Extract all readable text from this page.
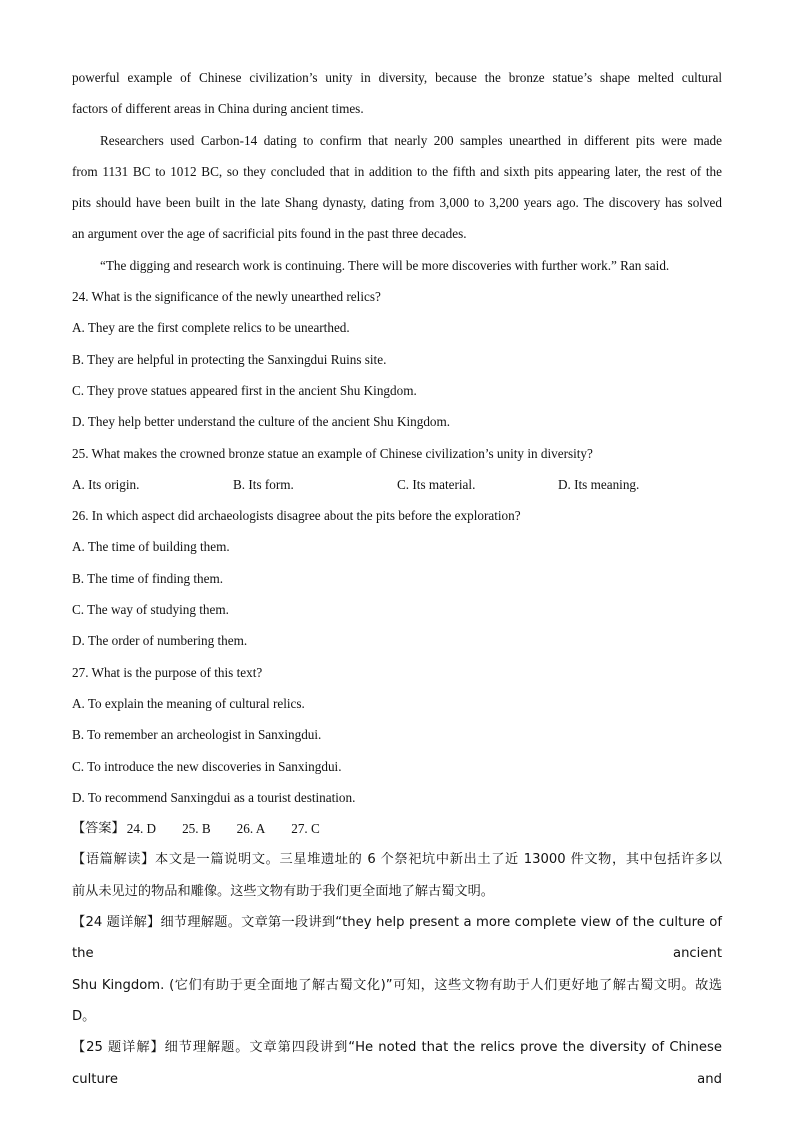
powerful example of Chinese civilization’s unity in diversity, because the bronze statue’s shape melted cultural

factors of different areas in China during ancient times.

Researchers used Carbon-14 dating to confirm that nearly 200 samples unearthed in different pits were made

from 1131 BC to 1012 BC, so they concluded that in addition to the fifth and sixth pits appearing later, the rest of the

pits should have been built in the late Shang dynasty, dating from 3,000 to 3,200 years ago. The discovery has solved

an argument over the age of sacrificial pits found in the past three decades.

“The digging and research work is continuing. There will be more discoveries with further work.” Ran said.

24. What is the significance of the newly unearthed relics?

A. They are the first complete relics to be unearthed.

B. They are helpful in protecting the Sanxingdui Ruins site.

C. They prove statues appeared first in the ancient Shu Kingdom.

D. They help better understand the culture of the ancient Shu Kingdom.

25. What makes the crowned bronze statue an example of Chinese civilization’s unity in diversity?

A. Its origin.	B. Its form.	C. Its material.	D. Its meaning.

26. In which aspect did archaeologists disagree about the pits before the exploration?

A. The time of building them.

B. The time of finding them.

C. The way of studying them.

D. The order of numbering them.

27. What is the purpose of this text?

A. To explain the meaning of cultural relics.

B. To remember an archeologist in Sanxingdui.

C. To introduce the new discoveries in Sanxingdui.

D. To recommend Sanxingdui as a tourist destination.

【答案】 24. D 25. B 26. A 27. C

【语篇解读】本文是一篇说明文。三星堆遗址的 6 个祭祀坑中新出土了近 13000 件文物，其中包括许多以

前从未见过的物品和雕像。这些文物有助于我们更全面地了解古蜀文明。

【24 题详解】细节理解题。文章第一段讲到“they help present a more complete view of the culture of the ancient

Shu Kingdom. (它们有助于更全面地了解古蜀文化)”可知，这些文物有助于人们更好地了解古蜀文明。故选

D。

【25 题详解】细节理解题。文章第四段讲到“He noted that the relics prove the diversity of Chinese culture and
